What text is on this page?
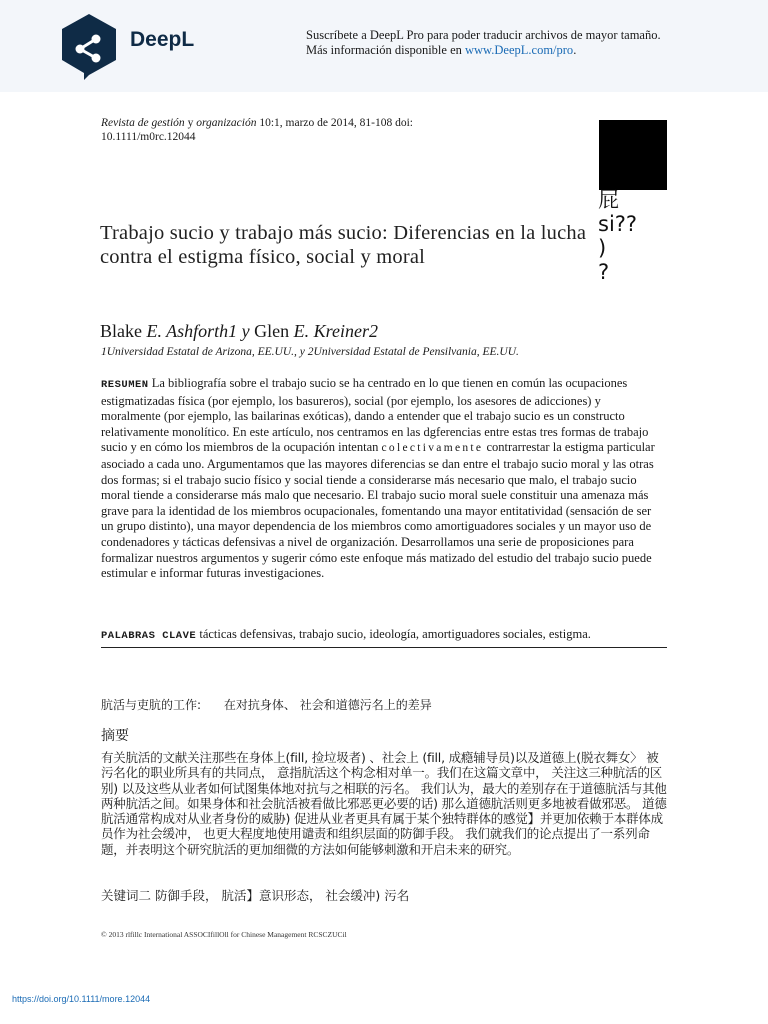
DeepL	Suscríbete a DeepL Pro para poder traducir archivos de mayor tamaño.
Más información disponible en www.DeepL.com/pro.
Revista de gestión y organización 10:1, marzo de 2014, 81-108 doi:
10.1111/m0rc.12044
屁
si??
)
?
Trabajo sucio y trabajo más sucio: Diferencias en la lucha contra el estigma físico, social y moral
Blake E. Ashforth1 y Glen E. Kreiner2
1Universidad Estatal de Arizona, EE.UU., y 2Universidad Estatal de Pensilvania, EE.UU.
RESUMEN La bibliografía sobre el trabajo sucio se ha centrado en lo que tienen en común las ocupaciones estigmatizadas física (por ejemplo, los basureros), social (por ejemplo, los asesores de adicciones) y moralmente (por ejemplo, las bailarinas exóticas), dando a entender que el trabajo sucio es un constructo relativamente monolítico. En este artículo, nos centramos en las dgferencias entre estas tres formas de trabajo sucio y en cómo los miembros de la ocupación intentan colectivamente contrarrestar la estigma particular asociado a cada uno. Argumentamos que las mayores diferencias se dan entre el trabajo sucio moral y las otras dos formas; si el trabajo sucio físico y social tiende a considerarse más necesario que malo, el trabajo sucio moral tiende a considerarse más malo que necesario. El trabajo sucio moral suele constituir una amenaza más grave para la identidad de los miembros ocupacionales, fomentando una mayor entitatividad (sensación de ser un grupo distinto), una mayor dependencia de los miembros como amortiguadores sociales y un mayor uso de condenadores y tácticas defensivas a nivel de organización. Desarrollamos una serie de proposiciones para formalizar nuestros argumentos y sugerir cómo este enfoque más matizado del estudio del trabajo sucio puede estimular e informar futuras investigaciones.
PALABRAS CLAVE tácticas defensivas, trabajo sucio, ideología, amortiguadores sociales, estigma.
肮活与吏肮的工作:      在对抗身体、 社会和道德污名上的差异
摘要
有关肮活的文献关注那些在身体上(fill, 捡垃圾者) 、社会上 (fill, 成瘾辅导员)以及道德上(脱衣舞女〉 被污名化的职业所具有的共同点， 意指肮活这个构念相对单一。我们在这篇文章中， 关注这三种肮活的区别) 以及这些从业者如何试图集体地对抗与之相联的污名。 我们认为，最大的差别存在于道德肮活与其他两种肮活之间。如果身体和社会肮活被看做比邪恶更必要的话) 那么道德肮活则更多地被看做邪恶。 道德肮活通常构成对从业者身份的威胁) 促进从业者更具有属于某个独特群体的感觉】并更加依赖于本群体成员作为社会缓冲， 也更大程度地使用谴责和组织层面的防御手段。 我们就我们的论点提出了一系列命题，并表明这个研究肮活的更加细微的方法如何能够刺激和开启未来的研究。
关键词二 防御手段， 肮活】意识形态， 社会缓冲) 污名
© 2013 rlfillc International ASSOCIfillOll for Chinese Management RCSCZUCil
https://doi.org/10.1111/more.12044
